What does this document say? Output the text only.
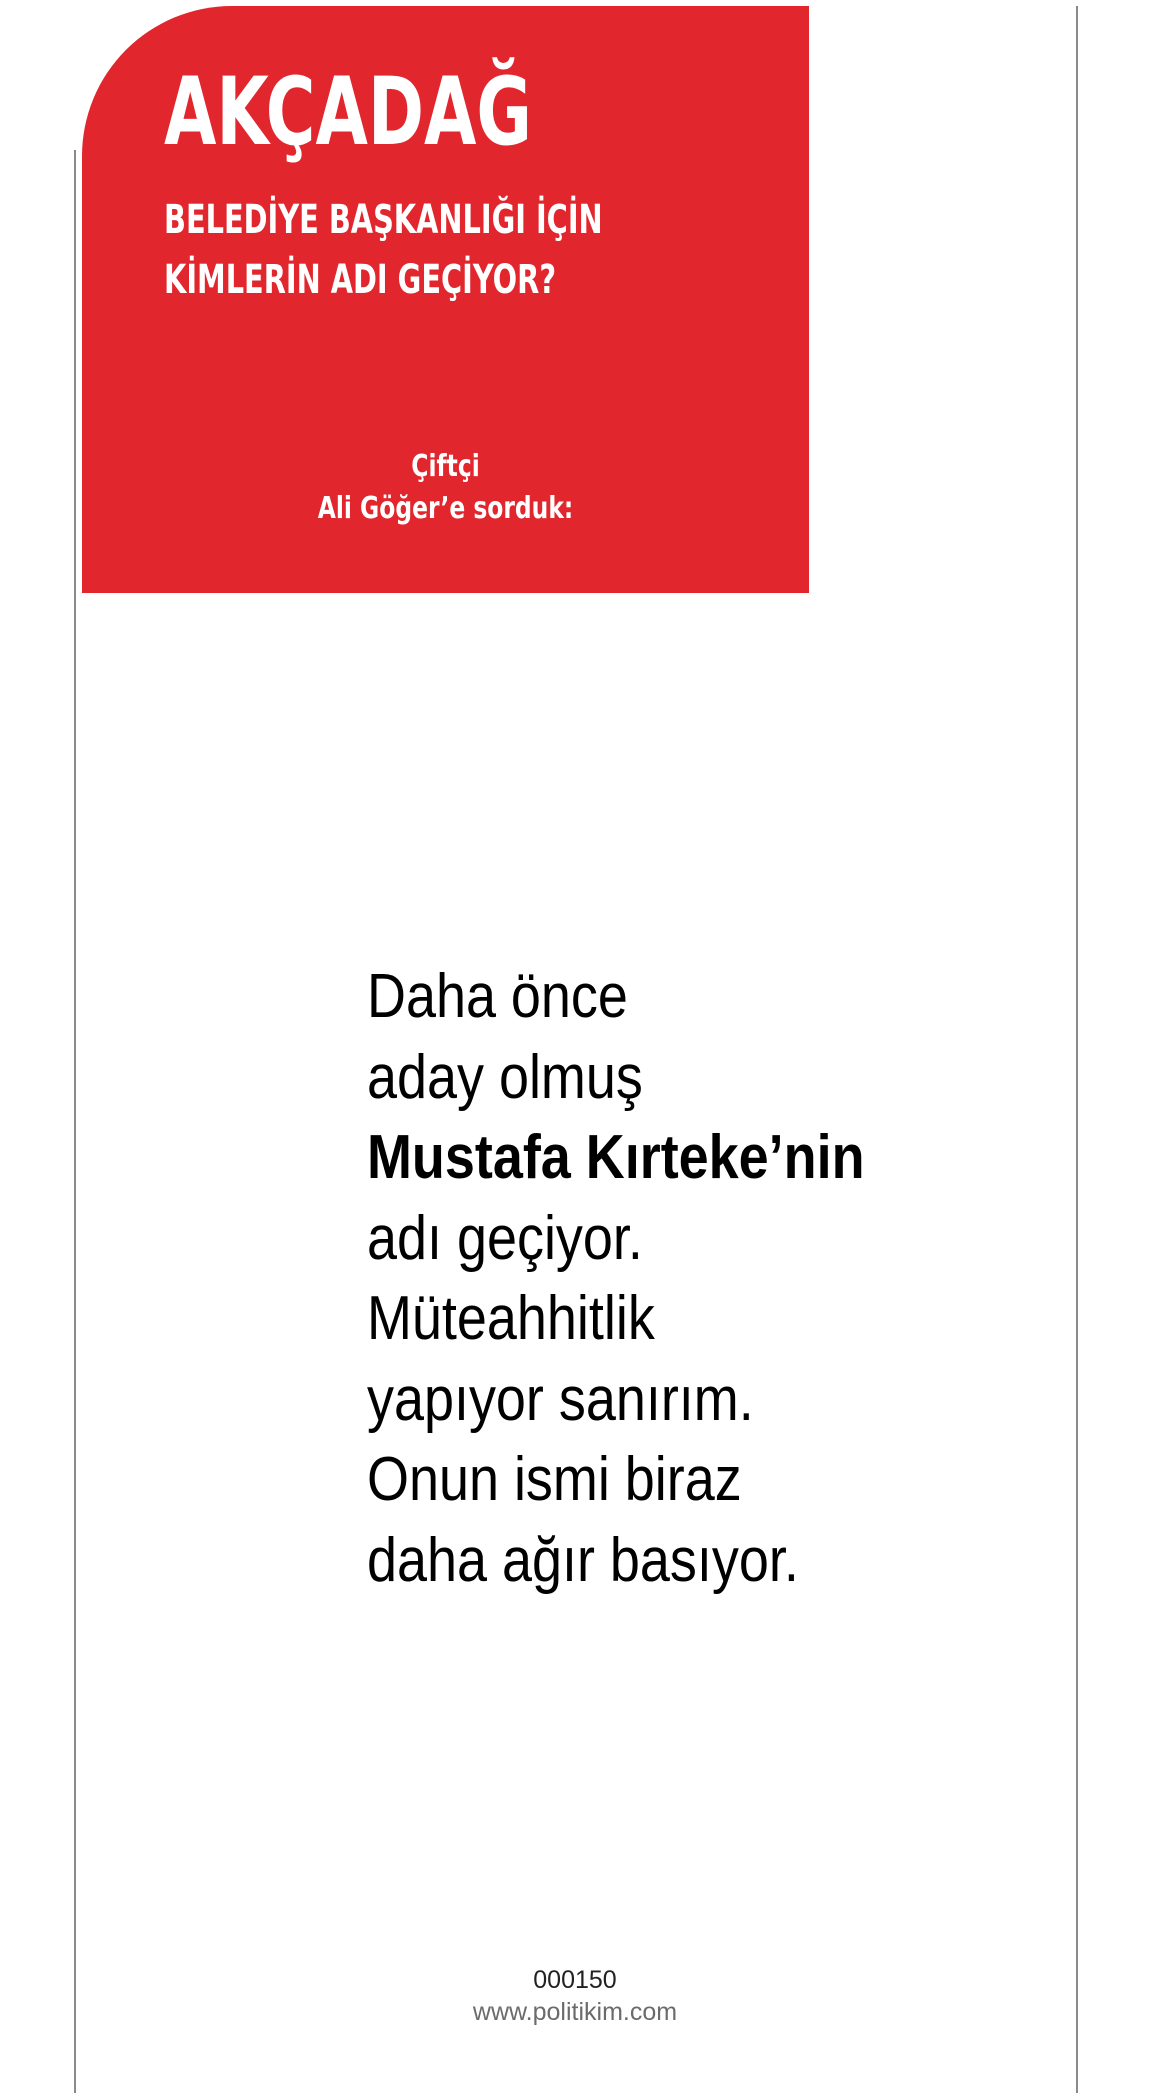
AKÇADAĞ
BELEDİYE BAŞKANLIĞI İÇİN
KİMLERİN ADI GEÇİYOR?
Çiftçi
Ali Göğer’e sorduk:
Daha önce
aday olmuş
Mustafa Kırteke’nin
adı geçiyor.
Müteahhitlik
yapıyor sanırım.
Onun ismi biraz
daha ağır basıyor.
000150
www.politikim.com
